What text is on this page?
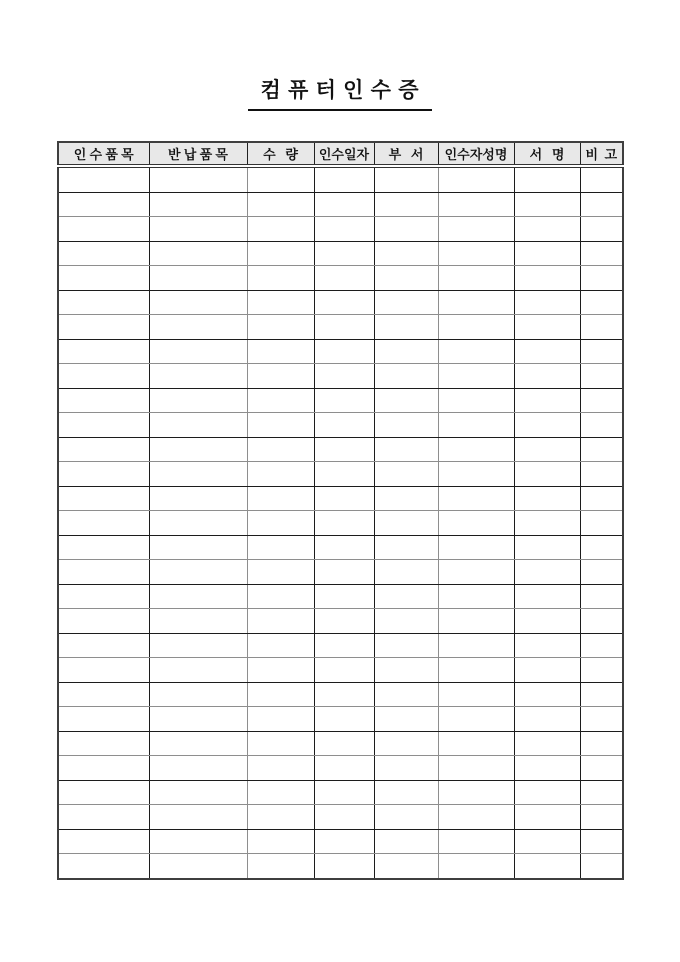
컴 퓨 터 인 수 증
인 수 품 목	반 납 품 목	수   량	인수일자	부   서	인수자성명	서   명	비  고
